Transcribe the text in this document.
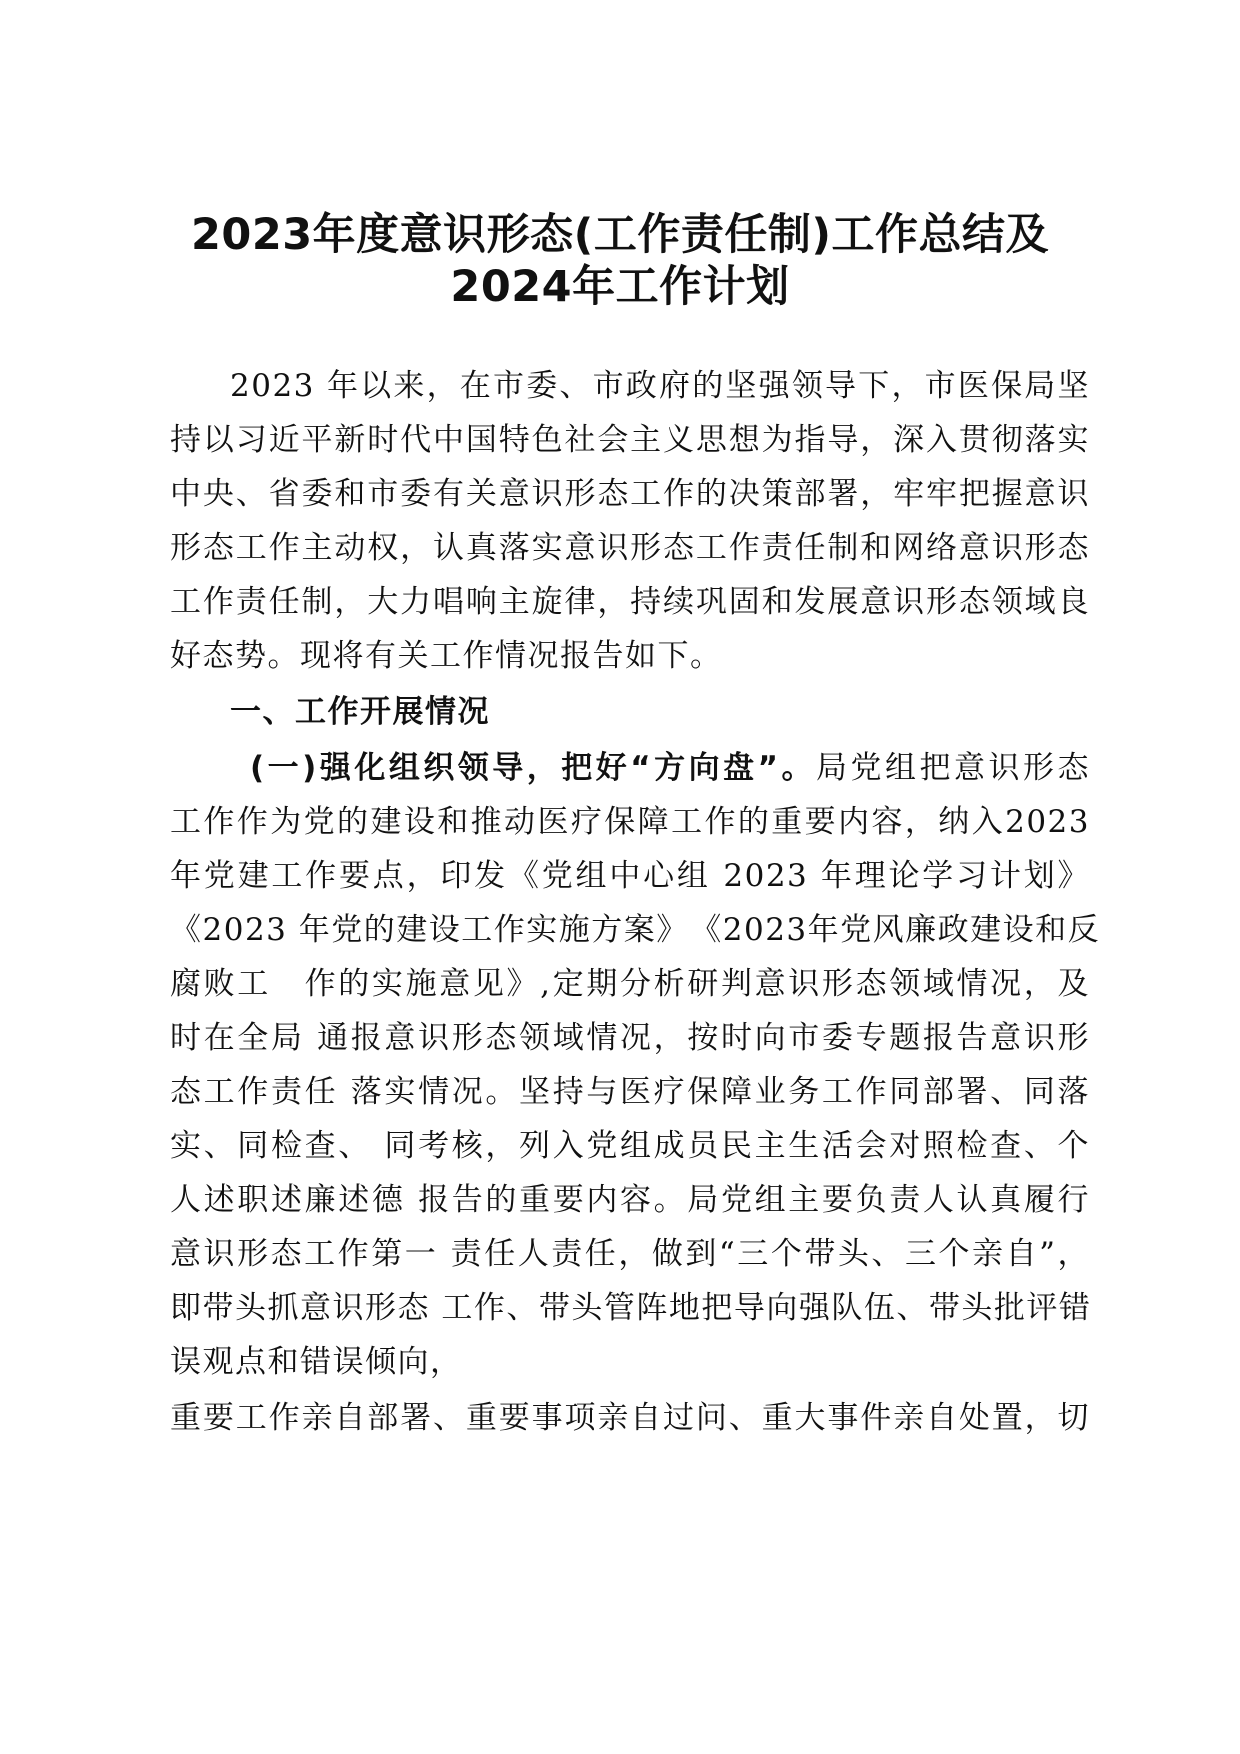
2023年度意识形态(工作责任制)工作总结及
2024年工作计划

2023 年以来，在市委、市政府的坚强领导下，市医保局坚

持以习近平新时代中国特色社会主义思想为指导，深入贯彻落实

中央、省委和市委有关意识形态工作的决策部署，牢牢把握意识

形态工作主动权，认真落实意识形态工作责任制和网络意识形态

工作责任制，大力唱响主旋律，持续巩固和发展意识形态领域良

好态势。现将有关工作情况报告如下。

一、工作开展情况

(一)强化组织领导，把好“方向盘”。局党组把意识形态

工作作为党的建设和推动医疗保障工作的重要内容，纳入2023

年党建工作要点，印发《党组中心组 2023 年理论学习计划》

《2023 年党的建设工作实施方案》　《2023年党风廉政建设和反

腐败工　作的实施意见》,定期分析研判意识形态领域情况，及

时在全局 通报意识形态领域情况，按时向市委专题报告意识形

态工作责任 落实情况。坚持与医疗保障业务工作同部署、同落

实、同检查、 同考核，列入党组成员民主生活会对照检查、个

人述职述廉述德 报告的重要内容。局党组主要负责人认真履行

意识形态工作第一 责任人责任，做到“三个带头、三个亲自”，

即带头抓意识形态 工作、带头管阵地把导向强队伍、带头批评错

误观点和错误倾向，

重要工作亲自部署、重要事项亲自过问、重大事件亲自处置，切
